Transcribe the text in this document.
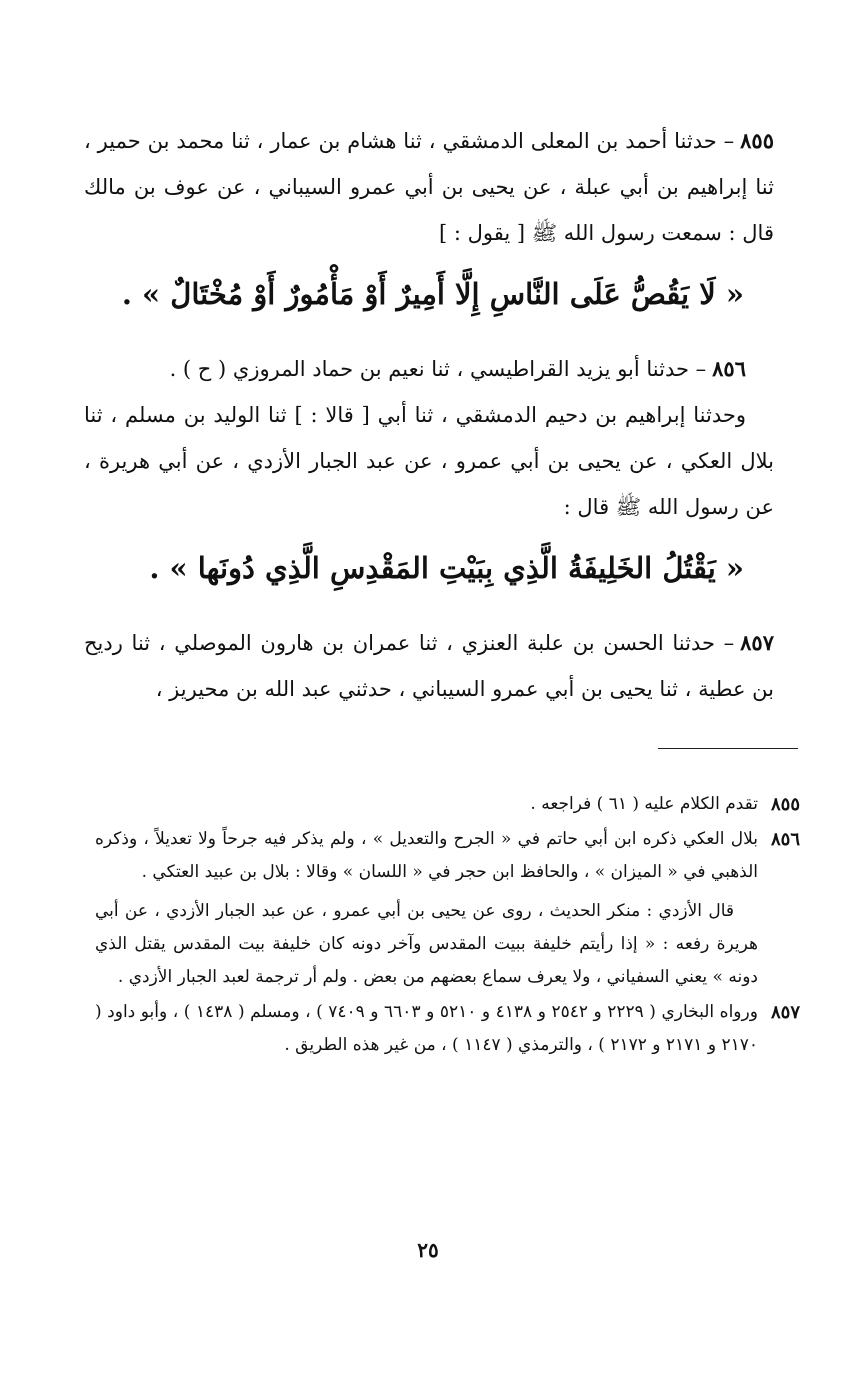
٨٥٥– حدثنا أحمد بن المعلى الدمشقي ، ثنا هشام بن عمار ، ثنا محمد بن حمير ، ثنا إبراهيم بن أبي عبلة ، عن يحيى بن أبي عمرو السيباني ، عن عوف بن مالك قال : سمعت رسول الله ﷺ [ يقول : ]

« لَا يَقُصُّ عَلَى النَّاسِ إِلَّا أَمِيرٌ أَوْ مَأْمُورٌ أَوْ مُخْتَالٌ » .

٨٥٦– حدثنا أبو يزيد القراطيسي ، ثنا نعيم بن حماد المروزي ( ح ) .

وحدثنا إبراهيم بن دحيم الدمشقي ، ثنا أبي [ قالا : ] ثنا الوليد بن مسلم ، ثنا بلال العكي ، عن يحيى بن أبي عمرو ، عن عبد الجبار الأزدي ، عن أبي هريرة ، عن رسول الله ﷺ قال :

« يَقْتُلُ الخَلِيفَةُ الَّذِي بِبَيْتِ المَقْدِسِ الَّذِي دُونَها » .

٨٥٧– حدثنا الحسن بن علبة العنزي ، ثنا عمران بن هارون الموصلي ، ثنا رديح بن عطية ، ثنا يحيى بن أبي عمرو السيباني ، حدثني عبد الله بن محيريز ،

٨٥٥

تقدم الكلام عليه ( ٦١ ) فراجعه .

٨٥٦

بلال العكي ذكره ابن أبي حاتم في « الجرح والتعديل » ، ولم يذكر فيه جرحاً ولا تعديلاً ، وذكره الذهبي في « الميزان » ، والحافظ ابن حجر في « اللسان » وقالا : بلال بن عبيد العتكي .

قال الأزدي : منكر الحديث ، روى عن يحيى بن أبي عمرو ، عن عبد الجبار الأزدي ، عن أبي هريرة رفعه : « إذا رأيتم خليفة ببيت المقدس وآخر دونه كان خليفة بيت المقدس يقتل الذي دونه » يعني السفياني ، ولا يعرف سماع بعضهم من بعض . ولم أر ترجمة لعبد الجبار الأزدي .

٨٥٧

ورواه البخاري ( ٢٢٢٩ و ٢٥٤٢ و ٤١٣٨ و ٥٢١٠ و ٦٦٠٣ و ٧٤٠٩ ) ، ومسلم ( ١٤٣٨ ) ، وأبو داود ( ٢١٧٠ و ٢١٧١ و ٢١٧٢ ) ، والترمذي ( ١١٤٧ ) ، من غير هذه الطريق .

٢٥
